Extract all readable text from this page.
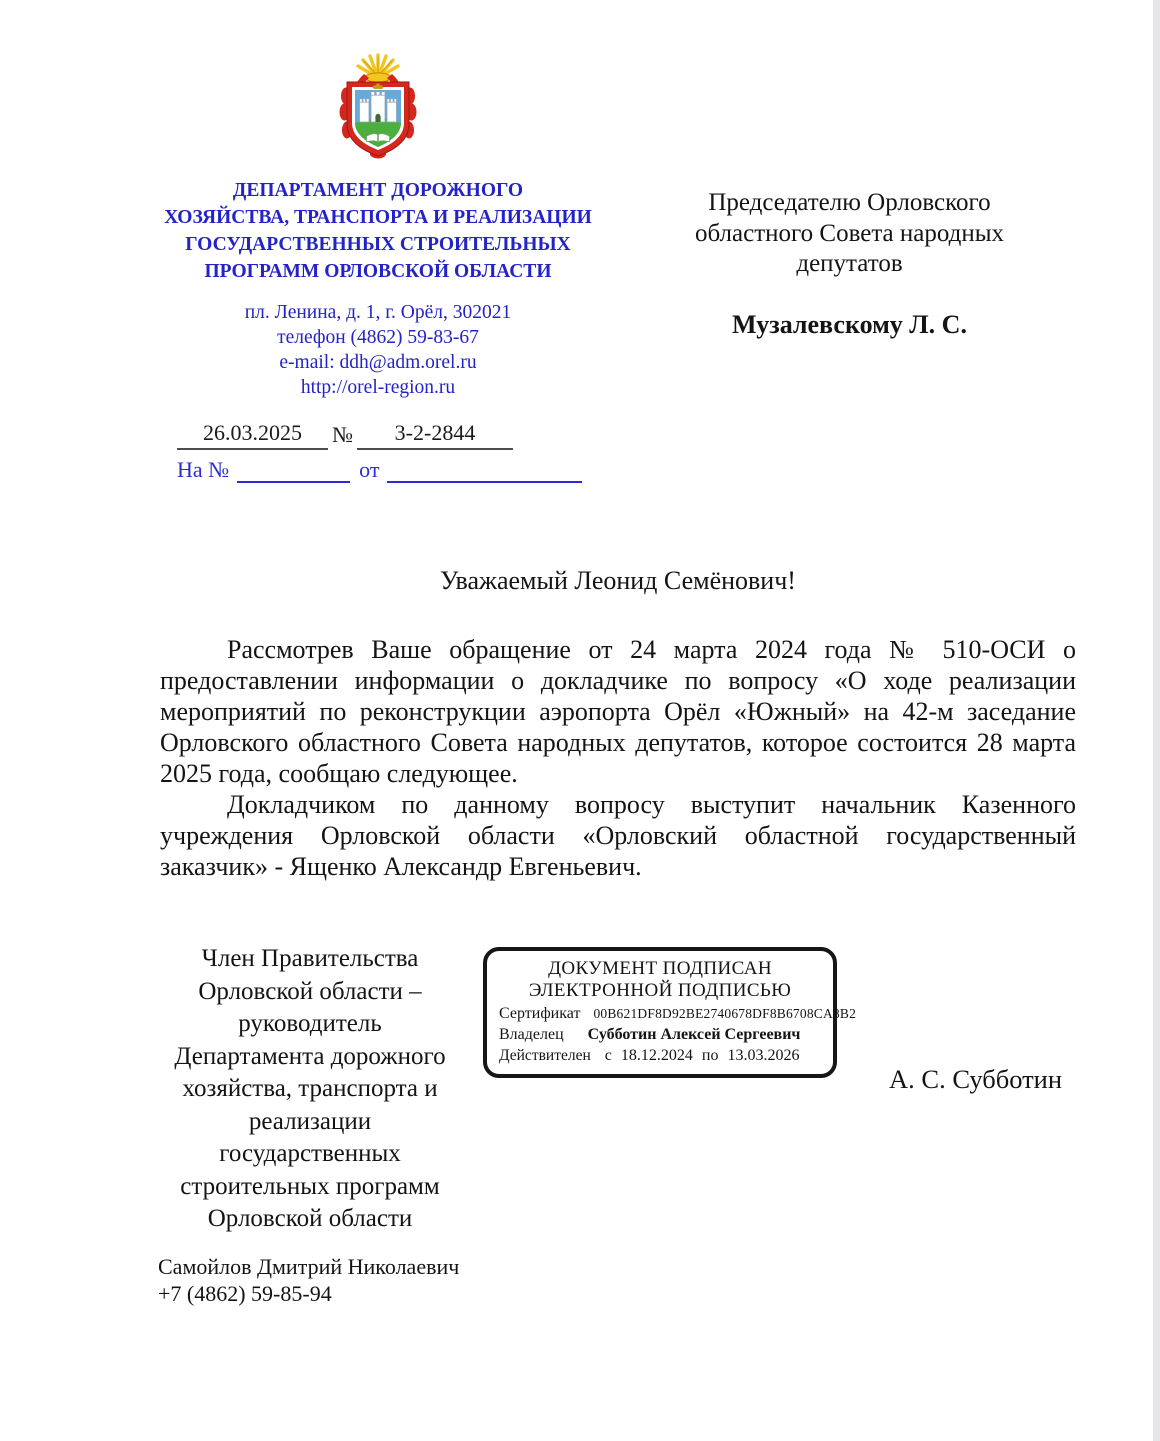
ДЕПАРТАМЕНТ ДОРОЖНОГО
ХОЗЯЙСТВА, ТРАНСПОРТА И РЕАЛИЗАЦИИ
ГОСУДАРСТВЕННЫХ СТРОИТЕЛЬНЫХ
ПРОГРАММ ОРЛОВСКОЙ ОБЛАСТИ
пл. Ленина, д. 1, г. Орёл, 302021
телефон (4862) 59-83-67
e-mail: ddh@adm.orel.ru
http://orel-region.ru
26.03.2025	№	3-2-2844
На №	от
Председателю Орловского
областного Совета народных
депутатов
Музалевскому Л. С.
Уважаемый Леонид Семёнович!

Рассмотрев Ваше обращение от 24 марта 2024 года № 510-ОСИ о предоставлении информации о докладчике по вопросу «О ходе реализации мероприятий по реконструкции аэропорта Орёл «Южный» на 42-м заседание Орловского областного Совета народных депутатов, которое состоится 28 марта 2025 года, сообщаю следующее.

Докладчиком по данному вопросу выступит начальник Казенного учреждения Орловской области «Орловский областной государственный заказчик» - Ященко Александр Евгеньевич.

Член Правительства
Орловской области –
руководитель
Департамента дорожного
хозяйства, транспорта и
реализации
государственных
строительных программ
Орловской области
ДОКУМЕНТ ПОДПИСАН
ЭЛЕКТРОННОЙ ПОДПИСЬЮ
Сертификат 00B621DF8D92BE2740678DF8B6708CA8B2
Владелец Субботин Алексей Сергеевич
Действителен с 18.12.2024 по 13.03.2026
А. С. Субботин
Самойлов Дмитрий Николаевич
+7 (4862) 59-85-94
